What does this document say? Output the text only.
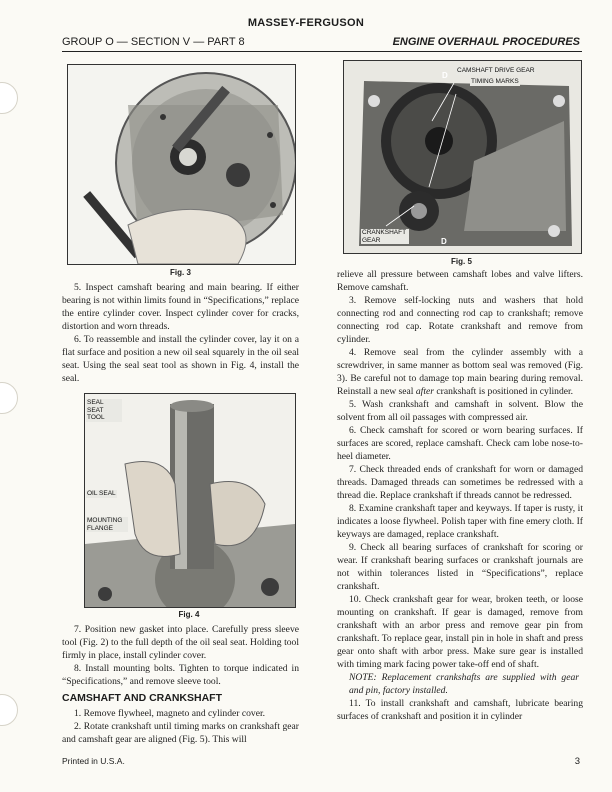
MASSEY-FERGUSON
GROUP O — SECTION V — PART 8	ENGINE OVERHAUL PROCEDURES
Fig. 3
SEAL SEAT TOOL
OIL SEAL
MOUNTING FLANGE
Fig. 4
D
CAMSHAFT DRIVE GEAR
TIMING MARKS
CRANKSHAFT GEAR	D
Fig. 5

5. Inspect camshaft bearing and main bearing. If either bearing is not within limits found in “Specifications,” replace the entire cylinder cover. Inspect cylinder cover for cracks, distortion and worn threads.

6. To reassemble and install the cylinder cover, lay it on a flat surface and position a new oil seal squarely in the oil seal seat. Using the seal seat tool as shown in Fig. 4, install the seal.

7. Position new gasket into place. Carefully press sleeve tool (Fig. 2) to the full depth of the oil seal seat. Holding tool firmly in place, install cylinder cover.

8. Install mounting bolts. Tighten to torque indicated in “Specifications,” and remove sleeve tool.

CAMSHAFT AND CRANKSHAFT

1. Remove flywheel, magneto and cylinder cover.

2. Rotate crankshaft until timing marks on crankshaft gear and camshaft gear are aligned (Fig. 5). This will

relieve all pressure between camshaft lobes and valve lifters. Remove camshaft.

3. Remove self-locking nuts and washers that hold connecting rod and connecting rod cap to crankshaft; remove connecting rod cap. Rotate crankshaft and remove from cylinder.

4. Remove seal from the cylinder assembly with a screwdriver, in same manner as bottom seal was removed (Fig. 3). Be careful not to damage top main bearing during removal. Reinstall a new seal after crankshaft is positioned in cylinder.

5. Wash crankshaft and camshaft in solvent. Blow the solvent from all oil passages with compressed air.

6. Check camshaft for scored or worn bearing surfaces. If surfaces are scored, replace camshaft. Check cam lobe nose-to-heel diameter.

7. Check threaded ends of crankshaft for worn or damaged threads. Damaged threads can sometimes be redressed with a thread die. Replace crankshaft if threads cannot be redressed.

8. Examine crankshaft taper and keyways. If taper is rusty, it indicates a loose flywheel. Polish taper with fine emery cloth. If keyways are damaged, replace crankshaft.

9. Check all bearing surfaces of crankshaft for scoring or wear. If crankshaft bearing surfaces or crankshaft journals are not within tolerances listed in “Specifications”, replace crankshaft.

10. Check crankshaft gear for wear, broken teeth, or loose mounting on crankshaft. If gear is damaged, remove from crankshaft with an arbor press and remove gear pin from crankshaft. To replace gear, install pin in hole in shaft and press gear onto shaft with arbor press. Make sure gear is installed with timing mark facing power take-off end of shaft.

NOTE: Replacement crankshafts are supplied with gear and pin, factory installed.

11. To install crankshaft and camshaft, lubricate bearing surfaces of crankshaft and position it in cylinder

Printed in U.S.A.	3
